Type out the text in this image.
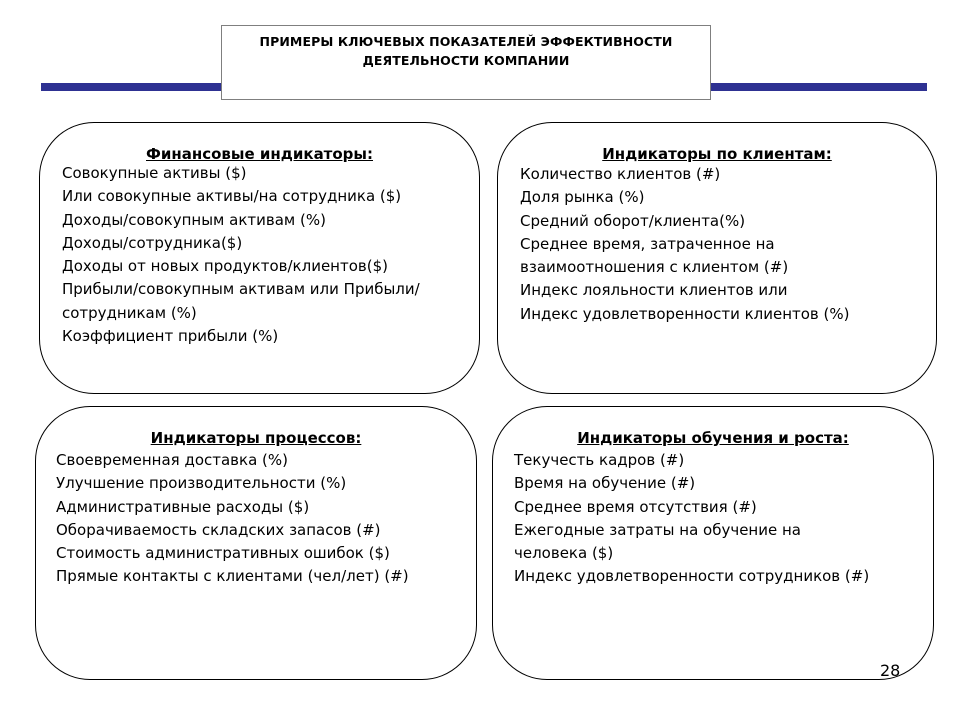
ПРИМЕРЫ КЛЮЧЕВЫХ ПОКАЗАТЕЛЕЙ ЭФФЕКТИВНОСТИ
ДЕЯТЕЛЬНОСТИ КОМПАНИИ
Финансовые индикаторы:
Совокупные активы ($)
Или совокупные активы/на сотрудника ($)
Доходы/совокупным активам (%)
Доходы/сотрудника($)
Доходы от новых продуктов/клиентов($)
Прибыли/совокупным активам или Прибыли/
сотрудникам (%)
Коэффициент прибыли (%)
Индикаторы по клиентам:
Количество клиентов (#)
Доля рынка (%)
Средний оборот/клиента(%)
Среднее время, затраченное на
взаимоотношения с клиентом (#)
Индекс лояльности клиентов или
Индекс удовлетворенности клиентов (%)
Индикаторы процессов:
Своевременная доставка (%)
Улучшение производительности (%)
Административные расходы ($)
Оборачиваемость складских запасов (#)
Стоимость административных ошибок ($)
Прямые контакты с клиентами (чел/лет) (#)
Индикаторы обучения и роста:
Текучесть кадров (#)
Время на обучение (#)
Среднее время отсутствия (#)
Ежегодные затраты на обучение на
человека ($)
Индекс удовлетворенности сотрудников (#)
28
